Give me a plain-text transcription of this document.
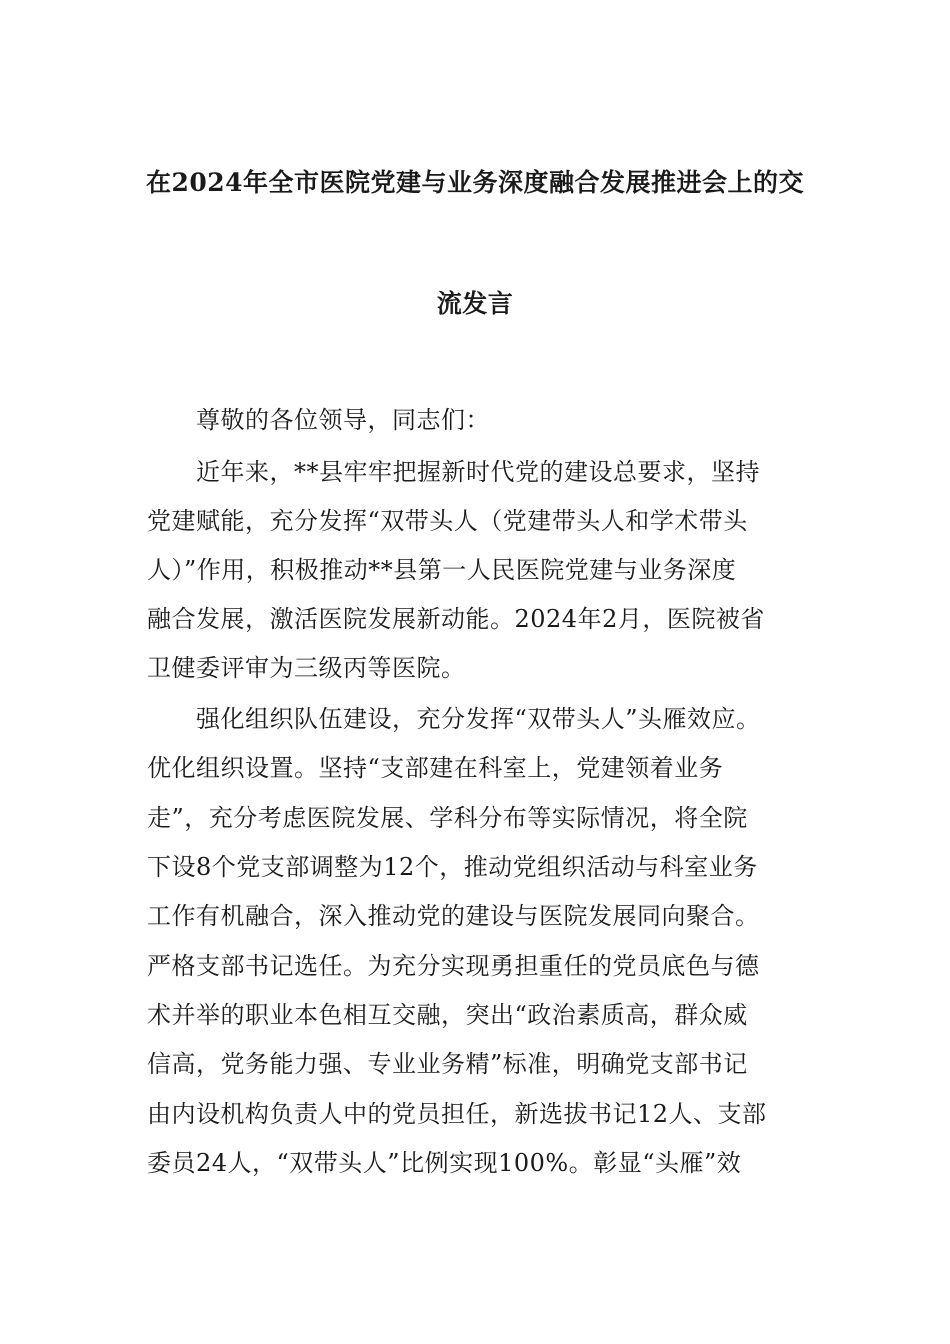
在2024年全市医院党建与业务深度融合发展推进会上的交
流发言
尊敬的各位领导，同志们：
近年来，**县牢牢把握新时代党的建设总要求，坚持
党建赋能，充分发挥“双带头人（党建带头人和学术带头
人）”作用，积极推动**县第一人民医院党建与业务深度
融合发展，激活医院发展新动能。2024年2月，医院被省
卫健委评审为三级丙等医院。
强化组织队伍建设，充分发挥“双带头人”头雁效应。
优化组织设置。坚持“支部建在科室上，党建领着业务
走”，充分考虑医院发展、学科分布等实际情况，将全院
下设8个党支部调整为12个，推动党组织活动与科室业务
工作有机融合，深入推动党的建设与医院发展同向聚合。
严格支部书记选任。为充分实现勇担重任的党员底色与德
术并举的职业本色相互交融，突出“政治素质高，群众威
信高，党务能力强、专业业务精”标准，明确党支部书记
由内设机构负责人中的党员担任，新选拔书记12人、支部
委员24人，“双带头人”比例实现100%。彰显“头雁”效
